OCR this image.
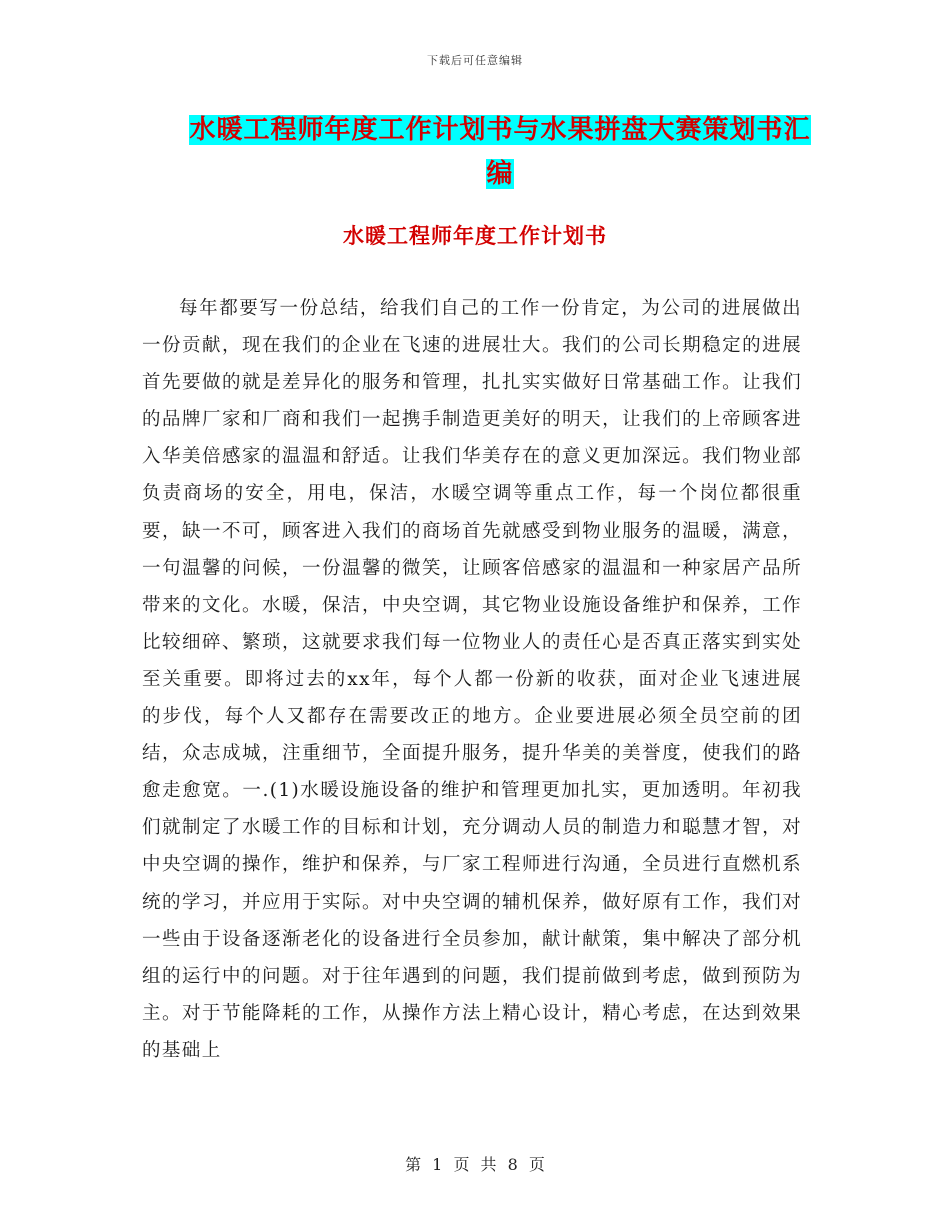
下载后可任意编辑
水暖工程师年度工作计划书与水果拼盘大赛策划书汇编
水暖工程师年度工作计划书

每年都要写一份总结，给我们自己的工作一份肯定，为公司的进展做出一份贡献，现在我们的企业在飞速的进展壮大。我们的公司长期稳定的进展首先要做的就是差异化的服务和管理，扎扎实实做好日常基础工作。让我们的品牌厂家和厂商和我们一起携手制造更美好的明天，让我们的上帝顾客进入华美倍感家的温温和舒适。让我们华美存在的意义更加深远。我们物业部负责商场的安全，用电，保洁，水暖空调等重点工作，每一个岗位都很重要，缺一不可，顾客进入我们的商场首先就感受到物业服务的温暖，满意，一句温馨的问候，一份温馨的微笑，让顾客倍感家的温温和一种家居产品所带来的文化。水暖，保洁，中央空调，其它物业设施设备维护和保养，工作比较细碎、繁琐，这就要求我们每一位物业人的责任心是否真正落实到实处至关重要。即将过去的xx年，每个人都一份新的收获，面对企业飞速进展的步伐，每个人又都存在需要改正的地方。企业要进展必须全员空前的团结，众志成城，注重细节，全面提升服务，提升华美的美誉度，使我们的路愈走愈宽。一.(1)水暖设施设备的维护和管理更加扎实，更加透明。年初我们就制定了水暖工作的目标和计划，充分调动人员的制造力和聪慧才智，对中央空调的操作，维护和保养，与厂家工程师进行沟通，全员进行直燃机系统的学习，并应用于实际。对中央空调的辅机保养，做好原有工作，我们对一些由于设备逐渐老化的设备进行全员参加，献计献策，集中解决了部分机组的运行中的问题。对于往年遇到的问题，我们提前做到考虑，做到预防为主。对于节能降耗的工作，从操作方法上精心设计，精心考虑，在达到效果的基础上

第 1 页 共 8 页
